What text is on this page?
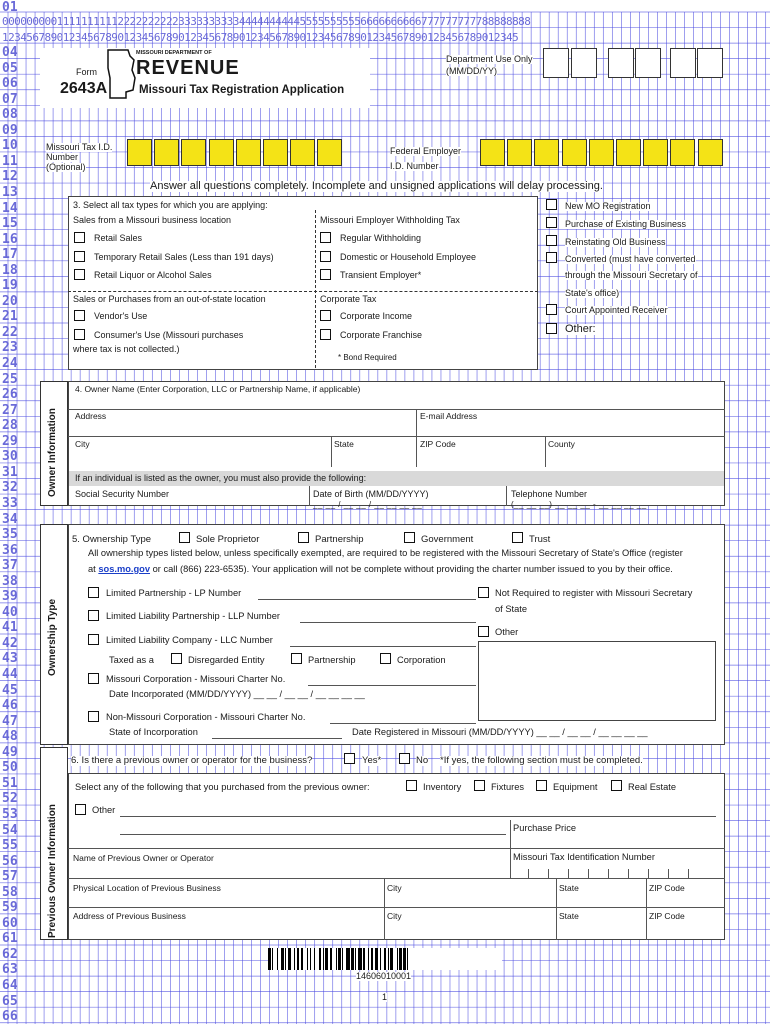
000000000111111111122222222223333333333444444444455555555556666666666777777777788888888
1234567890123456789012345678901234567890123456789012345678901234567890123456789012345
01
04
05
06
07
08
09
10
11
12
13
14
15
16
17
18
19
20
21
22
23
24
25
26
27
28
29
30
31
32
33
34
35
36
37
38
39
40
41
42
43
44
45
46
47
48
49
50
51
52
53
54
55
56
57
58
59
60
61
62
63
64
65
66
Form
2643A
MISSOURI DEPARTMENT OF
REVENUE
Missouri Tax Registration Application
Department Use Only
(MM/DD/YY)
Missouri Tax I.D.
Number
(Optional)
Federal Employer
I.D. Number
Answer all questions completely. Incomplete and unsigned applications will delay processing.
3. Select all tax types for which you are applying:
Sales from a Missouri business location
Retail Sales
Temporary Retail Sales (Less than 191 days)
Retail Liquor or Alcohol Sales
Missouri Employer Withholding Tax
Regular Withholding
Domestic or Household Employee
Transient Employer*
Sales or Purchases from an out-of-state location
Vendor's Use
Consumer's Use (Missouri purchases
where tax is not collected.)
Corporate Tax
Corporate Income
Corporate Franchise
* Bond Required
New MO Registration
Purchase of Existing Business
Reinstating Old Business
Converted (must have converted
through the Missouri Secretary of
State's office)
Court Appointed Receiver
Other:
Owner Information
4. Owner Name (Enter Corporation, LLC or Partnership Name, if applicable)
Address	E-mail Address
City	State	ZIP Code	County
If an individual is listed as the owner, you must also provide the following:
Social Security Number	Date of Birth (MM/DD/YYYY)
__ __ / __ __ / __ __ __ __
Telephone Number
(__ __ __) __ __ __ - __ __ __ __
Ownership Type
5. Ownership Type	Sole Proprietor	Partnership	Government	Trust
All ownership types listed below, unless specifically exempted, are required to be registered with the Missouri Secretary of State's Office (register
at sos.mo.gov or call (866) 223-6535). Your application will not be complete without providing the charter number issued to you by their office.
Limited Partnership - LP Number
Limited Liability Partnership - LLP Number
Limited Liability Company - LLC Number
Taxed as a	Disregarded Entity	Partnership	Corporation
Missouri Corporation - Missouri Charter No.
Date Incorporated (MM/DD/YYYY) __ __ / __ __ / __ __ __ __
Non-Missouri Corporation - Missouri Charter No.
State of Incorporation	Date Registered in Missouri (MM/DD/YYYY) __ __ / __ __ / __ __ __ __
Not Required to register with Missouri Secretary
of State
Other
Previous Owner Information
6. Is there a previous owner or operator for the business?	Yes*	No *If yes, the following section must be completed.
Select any of the following that you purchased from the previous owner:	Inventory	Fixtures	Equipment	Real Estate
Other
Purchase Price
Name of Previous Owner or Operator	Missouri Tax Identification Number
Physical Location of Previous Business	City	State	ZIP Code
Address of Previous Business	City	State	ZIP Code
14606010001
1
